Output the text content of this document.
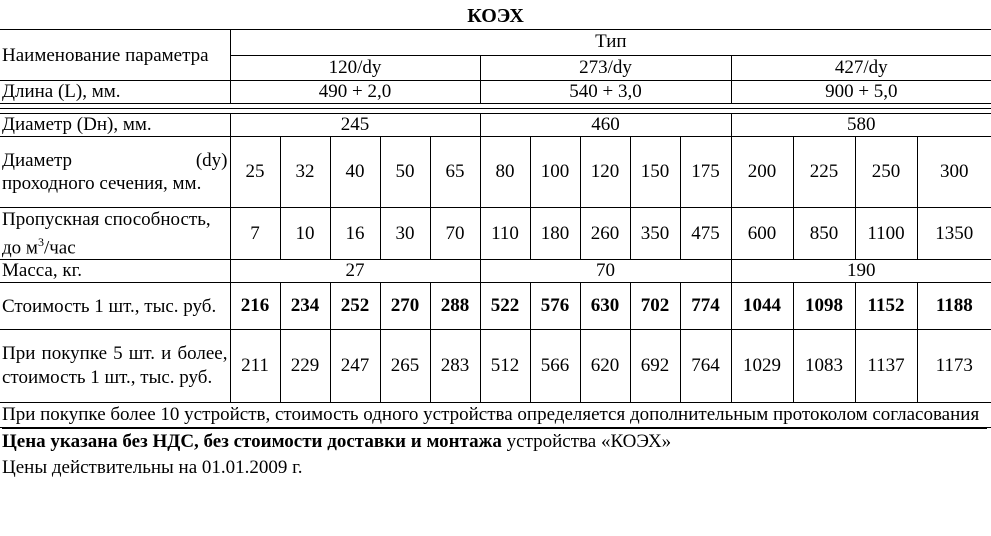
КОЭХ
Наименование параметра	Тип													
	120/dy					273/dy					427/dy			
Длина (L), мм.	490 + 2,0					540 + 3,0					900 + 5,0			

Диаметр (Dн), мм.	245					460					580			

Диаметр (dу)
проходного сечения, мм.	25	32	40	50	65	80	100	120	150	175	200	225	250	300
Пропускная способность, до $м^3$/час	7	10	16	30	70	110	180	260	350	475	600	850	1100	1350
Масса, кг.	27					70					190			
Стоимость 1 шт., тыс. руб.	216	234	252	270	288	522	576	630	702	774	1044	1098	1152	1188
При покупке 5 шт. и более, стоимость 1 шт., тыс. руб.	211	229	247	265	283	512	566	620	692	764	1029	1083	1137	1173
При покупке более 10 устройств, стоимость одного устройства определяется дополнительным протоколом согласования														
Цена указана без НДС, без стоимости доставки и монтажа устройства «КОЭХ»
Цены действительны на 01.01.2009 г.
